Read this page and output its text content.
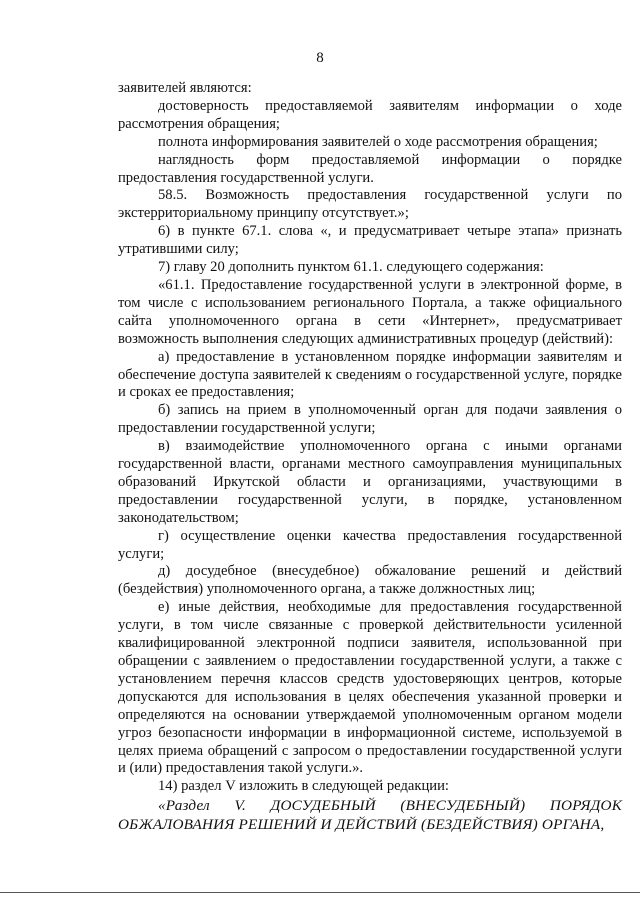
8

заявителей являются:

достоверность предоставляемой заявителям информации о ходе рассмотрения обращения;

полнота информирования заявителей о ходе рассмотрения обращения;

наглядность форм предоставляемой информации о порядке предоставления государственной услуги.

58.5. Возможность предоставления государственной услуги по экстерриториальному принципу отсутствует.»;

6) в пункте 67.1. слова «, и предусматривает четыре этапа» признать утратившими силу;

7) главу 20 дополнить пунктом 61.1. следующего содержания:

«61.1. Предоставление государственной услуги в электронной форме, в том числе с использованием регионального Портала, а также официального сайта уполномоченного органа в сети «Интернет», предусматривает возможность выполнения следующих административных процедур (действий):

а) предоставление в установленном порядке информации заявителям и обеспечение доступа заявителей к сведениям о государственной услуге, порядке и сроках ее предоставления;

б) запись на прием в уполномоченный орган для подачи заявления о предоставлении государственной услуги;

в) взаимодействие уполномоченного органа с иными органами государственной власти, органами местного самоуправления муниципальных образований Иркутской области и организациями, участвующими в предоставлении государственной услуги, в порядке, установленном законодательством;

г) осуществление оценки качества предоставления государственной услуги;

д) досудебное (внесудебное) обжалование решений и действий (бездействия) уполномоченного органа, а также должностных лиц;

е) иные действия, необходимые для предоставления государственной услуги, в том числе связанные с проверкой действительности усиленной квалифицированной электронной подписи заявителя, использованной при обращении с заявлением о предоставлении государственной услуги, а также с установлением перечня классов средств удостоверяющих центров, которые допускаются для использования в целях обеспечения указанной проверки и определяются на основании утверждаемой уполномоченным органом модели угроз безопасности информации в информационной системе, используемой в целях приема обращений с запросом о предоставлении государственной услуги и (или) предоставления такой услуги.».

14) раздел V изложить в следующей редакции:

«Раздел V. ДОСУДЕБНЫЙ (ВНЕСУДЕБНЫЙ) ПОРЯДОК ОБЖАЛОВАНИЯ РЕШЕНИЙ И ДЕЙСТВИЙ (БЕЗДЕЙСТВИЯ) ОРГАНА,
